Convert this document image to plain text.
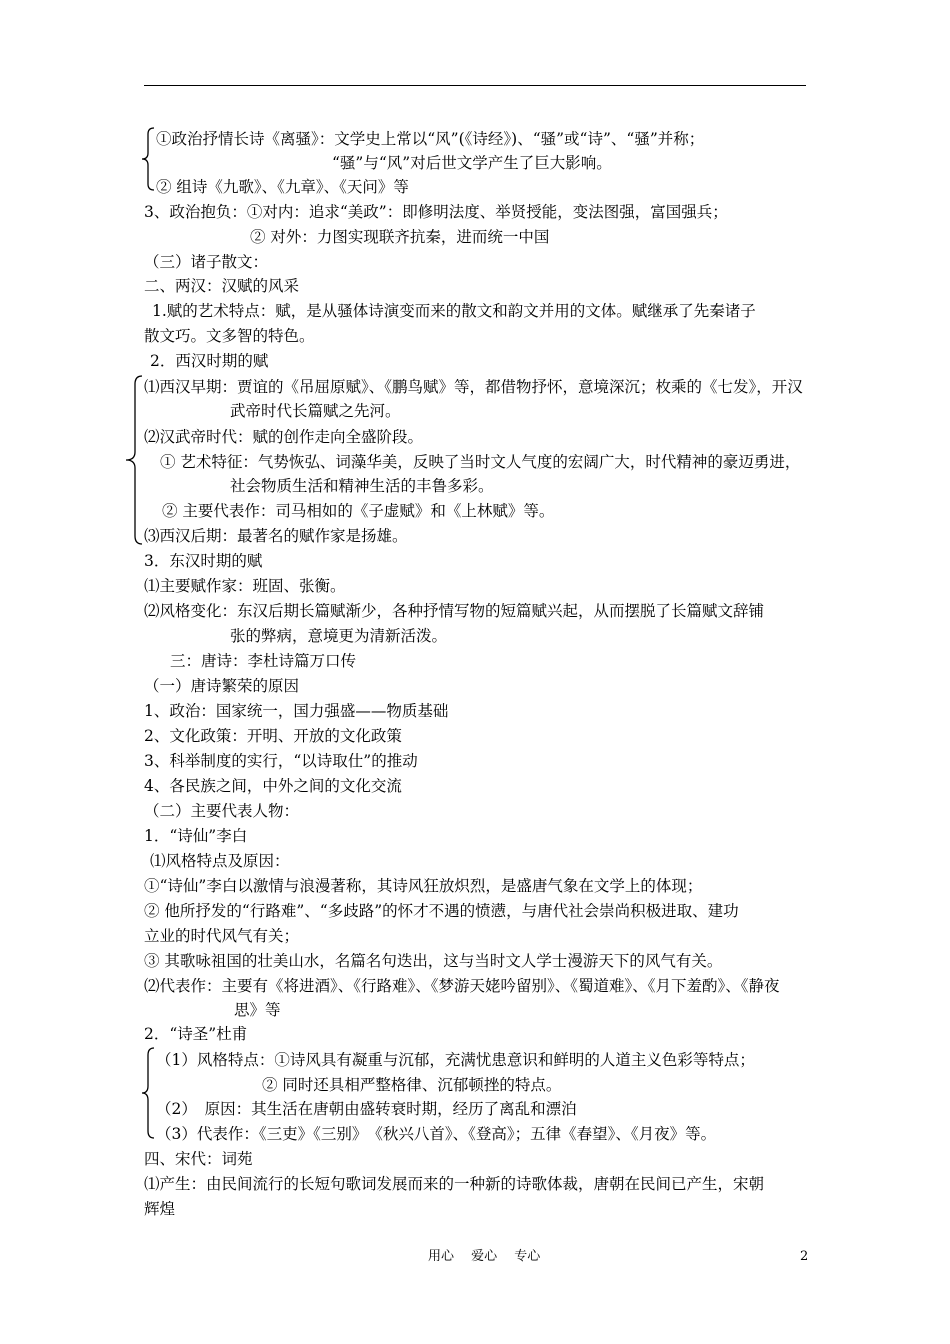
①政治抒情长诗《离骚》：文学史上常以“风”(《诗经》)、“骚”或“诗”、“骚”并称；
“骚”与“风”对后世文学产生了巨大影响。
② 组诗《九歌》、《九章》、《天问》等
3、政治抱负：①对内：追求“美政”：即修明法度、举贤授能，变法图强，富国强兵；
② 对外：力图实现联齐抗秦，进而统一中国
（三）诸子散文：
二、两汉：汉赋的风采
1.赋的艺术特点：赋，是从骚体诗演变而来的散文和韵文并用的文体。赋继承了先秦诸子
散文巧。文多智的特色。
2．西汉时期的赋
⑴西汉早期：贾谊的《吊屈原赋》、《鹏鸟赋》等，都借物抒怀，意境深沉；枚乘的《七发》，开汉
武帝时代长篇赋之先河。
⑵汉武帝时代：赋的创作走向全盛阶段。
① 艺术特征：气势恢弘、词藻华美，反映了当时文人气度的宏阔广大，时代精神的豪迈勇进，
社会物质生活和精神生活的丰鲁多彩。
② 主要代表作：司马相如的《子虚赋》和《上林赋》等。
⑶西汉后期：最著名的赋作家是扬雄。
3．东汉时期的赋
⑴主要赋作家：班固、张衡。
⑵风格变化：东汉后期长篇赋渐少，各种抒情写物的短篇赋兴起，从而摆脱了长篇赋文辞铺
张的弊病，意境更为清新活泼。
三：唐诗：李杜诗篇万口传
（一）唐诗繁荣的原因
1、政治：国家统一，国力强盛——物质基础
2、文化政策：开明、开放的文化政策
3、科举制度的实行，“以诗取仕”的推动
4、各民族之间，中外之间的文化交流
（二）主要代表人物：
1．“诗仙”李白
⑴风格特点及原因：
①“诗仙”李白以激情与浪漫著称，其诗风狂放炽烈，是盛唐气象在文学上的体现；
② 他所抒发的“行路难”、“多歧路”的怀才不遇的愤懑，与唐代社会崇尚积极进取、建功
立业的时代风气有关；
③ 其歌咏祖国的壮美山水，名篇名句迭出，这与当时文人学士漫游天下的风气有关。
⑵代表作：主要有《将进酒》、《行路难》、《梦游天姥吟留别》、《蜀道难》、《月下羞酌》、《静夜
思》等
2．“诗圣”杜甫
（1）风格特点：①诗风具有凝重与沉郁，充满忧患意识和鲜明的人道主义色彩等特点；
② 同时还具相严整格律、沉郁顿挫的特点。
（2）　原因：其生活在唐朝由盛转衰时期，经历了离乱和漂泊
（3）代表作：《三吏》《三别》　《秋兴八首》、《登高》；五律《春望》、《月夜》等。
四、宋代：词苑
⑴产生：由民间流行的长短句歌词发展而来的一种新的诗歌体裁，唐朝在民间已产生，宋朝
辉煌
用心　 爱心　 专心	2
